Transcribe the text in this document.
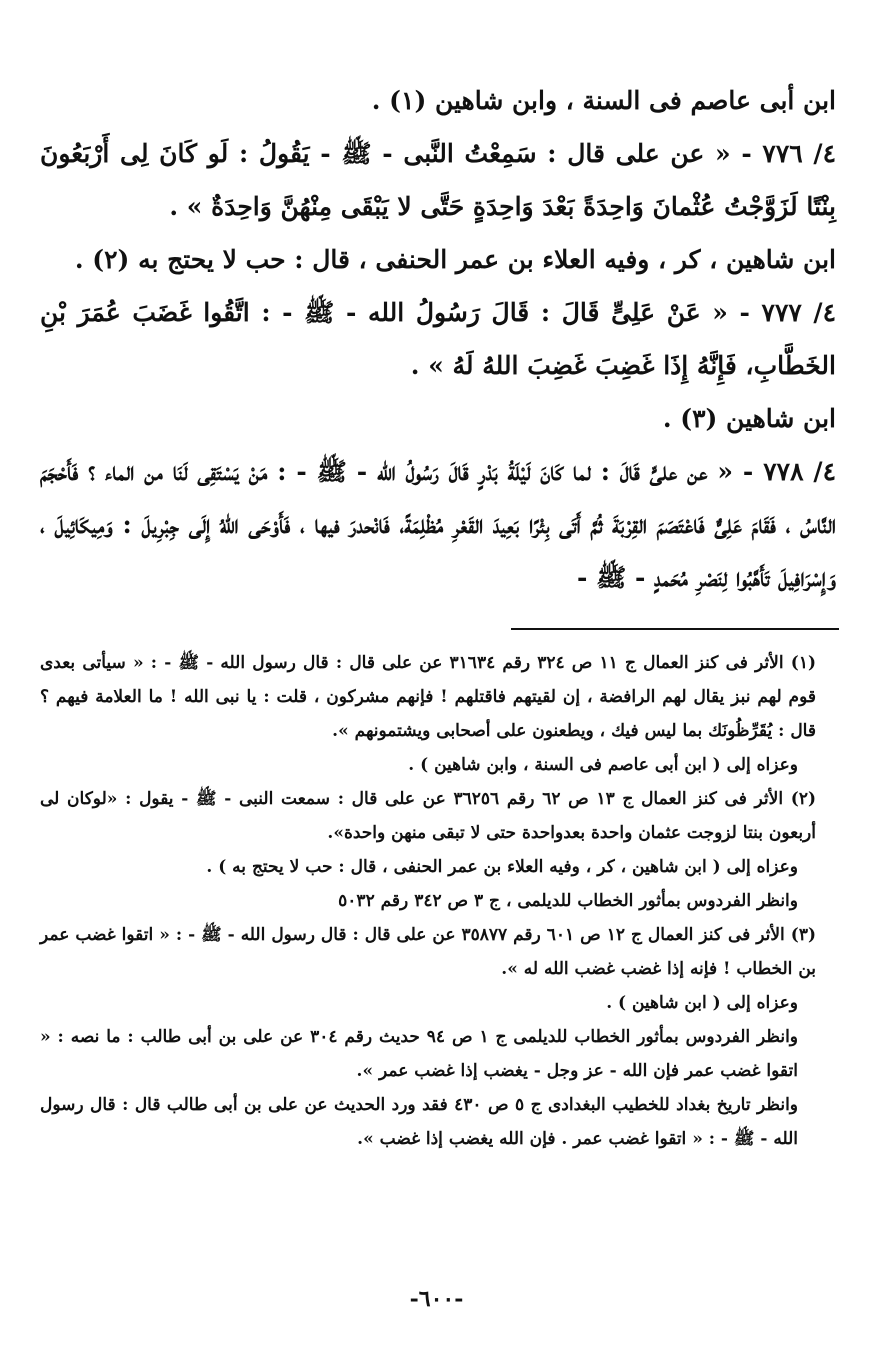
ابن أبى عاصم فى السنة ، وابن شاهين (١) .

٤/ ٧٧٦ - « عن على قال : سَمِعْتُ النَّبى - ﷺ - يَقُولُ : لَو كَانَ لِى أَرْبَعُونَ بِنْتًا لَزَوَّجْتُ عُثْمانَ وَاحِدَةً بَعْدَ وَاحِدَةٍ حَتَّى لا يَبْقَى مِنْهُنَّ وَاحِدَةٌ » .

ابن شاهين ، كر ، وفيه العلاء بن عمر الحنفى ، قال : حب لا يحتج به (٢) .

٤/ ٧٧٧ - « عَنْ عَلِىٍّ قَالَ : قَالَ رَسُولُ الله - ﷺ - : اتَّقُوا غَضَبَ عُمَرَ بْنِ الخَطَّابِ، فَإِنَّهُ إِذَا غَضِبَ غَضِبَ اللهُ لَهُ » .

ابن شاهين (٣) .

٤/ ٧٧٨ - « عن علىٍّ قَالَ : لما كَانَ لَيْلَةُ بَدْرٍ قَالَ رَسُولُ الله - ﷺ - : مَنْ يَسْتَقِى لَنَا من الماء ؟ فَأَحْجَمَ النَّاسُ ، فَقَامَ عَلِىٌّ فَاعْتَصَمَ القِرْبَةَ ثُمَّ أَتَى بِئْرًا بَعِيدَ القَعْرِ مُظْلِمَةً، فَانْحدرَ فيها ، فَأَوْحَى اللهُ إِلَى جِبْرِيلَ : وَمِيكَائِيلَ ، وَإِسْرَافِيلَ تَأَهَّبُوا لِنَصْرِ مُحَمدٍ - ﷺ -

(١) الأثر فى كنز العمال ج ١١ ص ٣٢٤ رقم ٣١٦٣٤ عن على قال : قال رسول الله - ﷺ - : « سيأتى بعدى قوم لهم نبز يقال لهم الرافضة ، إن لقيتهم فاقتلهم ! فإنهم مشركون ، قلت : يا نبى الله ! ما العلامة فيهم ؟ قال : يُقَرِّظُونَك بما ليس فيك ، ويطعنون على أصحابى ويشتمونهم ».

وعزاه إلى ( ابن أبى عاصم فى السنة ، وابن شاهين ) .

(٢) الأثر فى كنز العمال ج ١٣ ص ٦٢ رقم ٣٦٢٥٦ عن على قال : سمعت النبى - ﷺ - يقول : «لوكان لى أربعون بنتا لزوجت عثمان واحدة بعدواحدة حتى لا تبقى منهن واحدة».

وعزاه إلى ( ابن شاهين ، كر ، وفيه العلاء بن عمر الحنفى ، قال : حب لا يحتج به ) .

وانظر الفردوس بمأثور الخطاب للديلمى ، ج ٣ ص ٣٤٢ رقم ٥٠٣٢

(٣) الأثر فى كنز العمال ج ١٢ ص ٦٠١ رقم ٣٥٨٧٧ عن على قال : قال رسول الله - ﷺ - : « اتقوا غضب عمر بن الخطاب ! فإنه إذا غضب غضب الله له ».

وعزاه إلى ( ابن شاهين ) .

وانظر الفردوس بمأثور الخطاب للديلمى ج ١ ص ٩٤ حديث رقم ٣٠٤ عن على بن أبى طالب : ما نصه : « اتقوا غضب عمر فإن الله - عز وجل - يغضب إذا غضب عمر ».

وانظر تاريخ بغداد للخطيب البغدادى ج ٥ ص ٤٣٠ فقد ورد الحديث عن على بن أبى طالب قال : قال رسول الله - ﷺ - : « اتقوا غضب عمر . فإن الله يغضب إذا غضب ».

-٦٠٠-
